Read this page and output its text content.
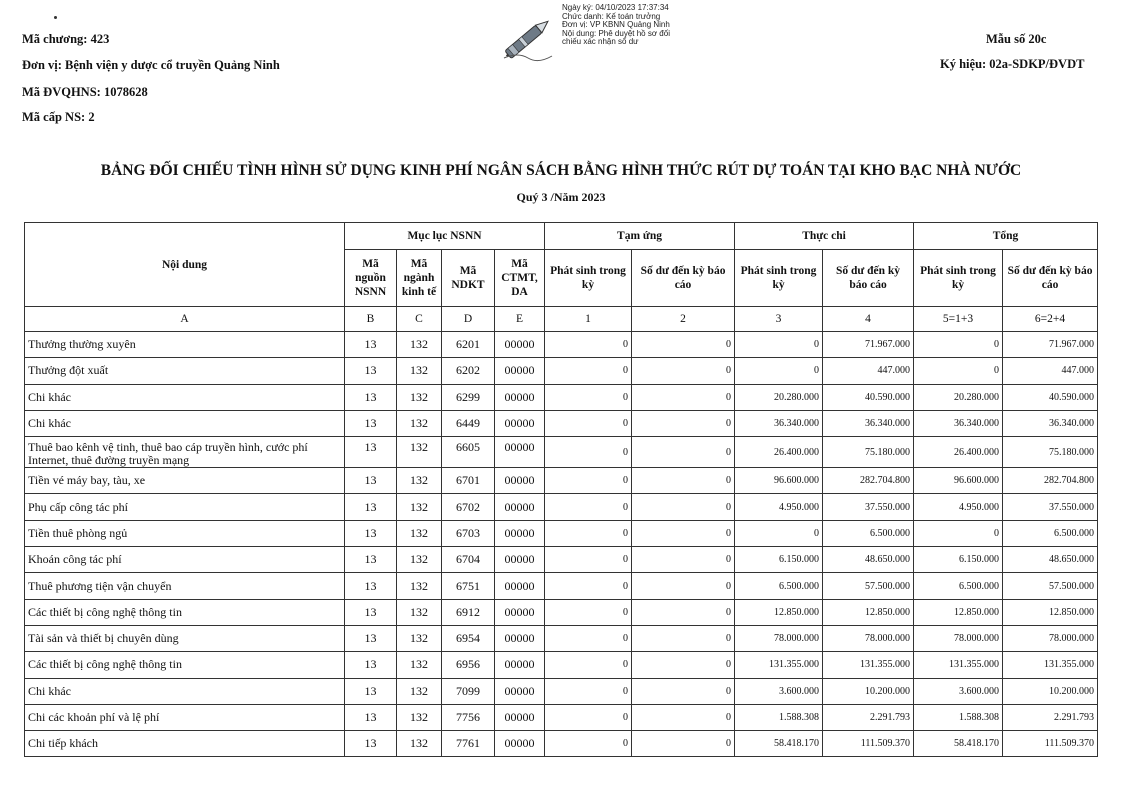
Mã chương: 423
Đơn vị: Bệnh viện y dược cổ truyền Quảng Ninh
Mã ĐVQHNS: 1078628
Mã cấp NS: 2
Mẫu số 20c
Ký hiệu: 02a-SDKP/ĐVDT
Ngày ký: 04/10/2023 17:37:34
Chức danh: Kế toán trưởng
Đơn vị: VP KBNN Quảng Ninh
Nội dung: Phê duyệt hồ sơ đối
chiếu xác nhận số dư
BẢNG ĐỐI CHIẾU TÌNH HÌNH SỬ DỤNG KINH PHÍ NGÂN SÁCH BẰNG HÌNH THỨC RÚT DỰ TOÁN TẠI KHO BẠC NHÀ NƯỚC
Quý 3 /Năm 2023
Nội dung	Mục lục NSNN				Tạm ứng		Thực chi		Tổng	
	Mã nguồn NSNN	Mã ngành kinh tế	Mã NDKT	Mã CTMT, DA	Phát sinh trong kỳ	Số dư đến kỳ báo cáo	Phát sinh trong kỳ	Số dư đến kỳ báo cáo	Phát sinh trong kỳ	Số dư đến kỳ báo cáo
A	B	C	D	E	1	2	3	4	5=1+3	6=2+4
Thưởng thường xuyên	13	132	6201	00000	0	0	0	71.967.000	0	71.967.000
Thưởng đột xuất	13	132	6202	00000	0	0	0	447.000	0	447.000
Chi khác	13	132	6299	00000	0	0	20.280.000	40.590.000	20.280.000	40.590.000
Chi khác	13	132	6449	00000	0	0	36.340.000	36.340.000	36.340.000	36.340.000
Thuê bao kênh vệ tinh, thuê bao cáp truyền hình, cước phí Internet, thuê đường truyền mạng	13	132	6605	00000	0	0	26.400.000	75.180.000	26.400.000	75.180.000
Tiền vé máy bay, tàu, xe	13	132	6701	00000	0	0	96.600.000	282.704.800	96.600.000	282.704.800
Phụ cấp công tác phí	13	132	6702	00000	0	0	4.950.000	37.550.000	4.950.000	37.550.000
Tiền thuê phòng ngủ	13	132	6703	00000	0	0	0	6.500.000	0	6.500.000
Khoán công tác phí	13	132	6704	00000	0	0	6.150.000	48.650.000	6.150.000	48.650.000
Thuê phương tiện vận chuyển	13	132	6751	00000	0	0	6.500.000	57.500.000	6.500.000	57.500.000
Các thiết bị công nghệ thông tin	13	132	6912	00000	0	0	12.850.000	12.850.000	12.850.000	12.850.000
Tài sản và thiết bị chuyên dùng	13	132	6954	00000	0	0	78.000.000	78.000.000	78.000.000	78.000.000
Các thiết bị công nghệ thông tin	13	132	6956	00000	0	0	131.355.000	131.355.000	131.355.000	131.355.000
Chi khác	13	132	7099	00000	0	0	3.600.000	10.200.000	3.600.000	10.200.000
Chi các khoản phí và lệ phí	13	132	7756	00000	0	0	1.588.308	2.291.793	1.588.308	2.291.793
Chi tiếp khách	13	132	7761	00000	0	0	58.418.170	111.509.370	58.418.170	111.509.370
